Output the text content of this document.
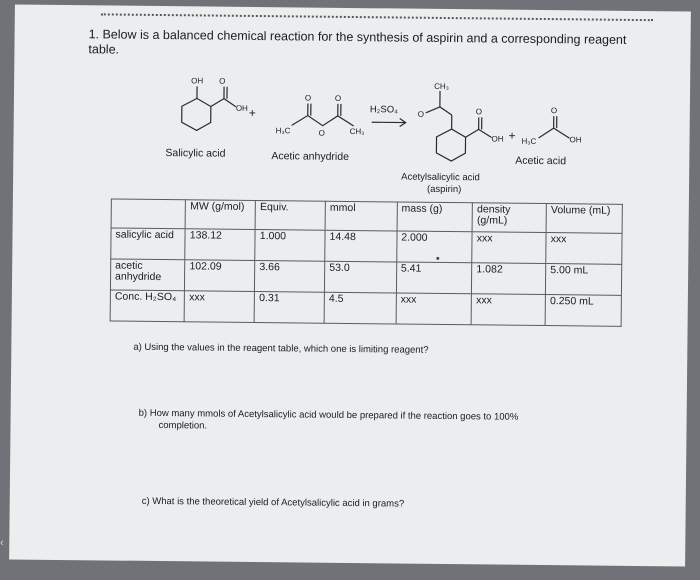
1. Below is a balanced chemical reaction for the synthesis of aspirin and a corresponding reagent table.
OH O
OH
O	O
H₃C	O	CH₃
CH₃
O	O
OH
O
H₃C	OH
+
+
H₂SO₄
Salicylic acid	Acetic anhydride
Acetylsalicylic acid
(aspirin)
Acetic acid
	MW (g/mol)	Equiv.	mmol	mass (g)	density (g/mL)	Volume (mL)
salicylic acid	138.12	1.000	14.48	2.000	xxx	xxx
acetic anhydride	102.09	3.66	53.0	5.41	1.082	5.00 mL
Conc. H₂SO₄	xxx	0.31	4.5	xxx	xxx	0.250 mL
a) Using the values in the reagent table, which one is limiting reagent?
b) How many mmols of Acetylsalicylic acid would be prepared if the reaction goes to 100%
completion.
c) What is the theoretical yield of Acetylsalicylic acid in grams?
‹
